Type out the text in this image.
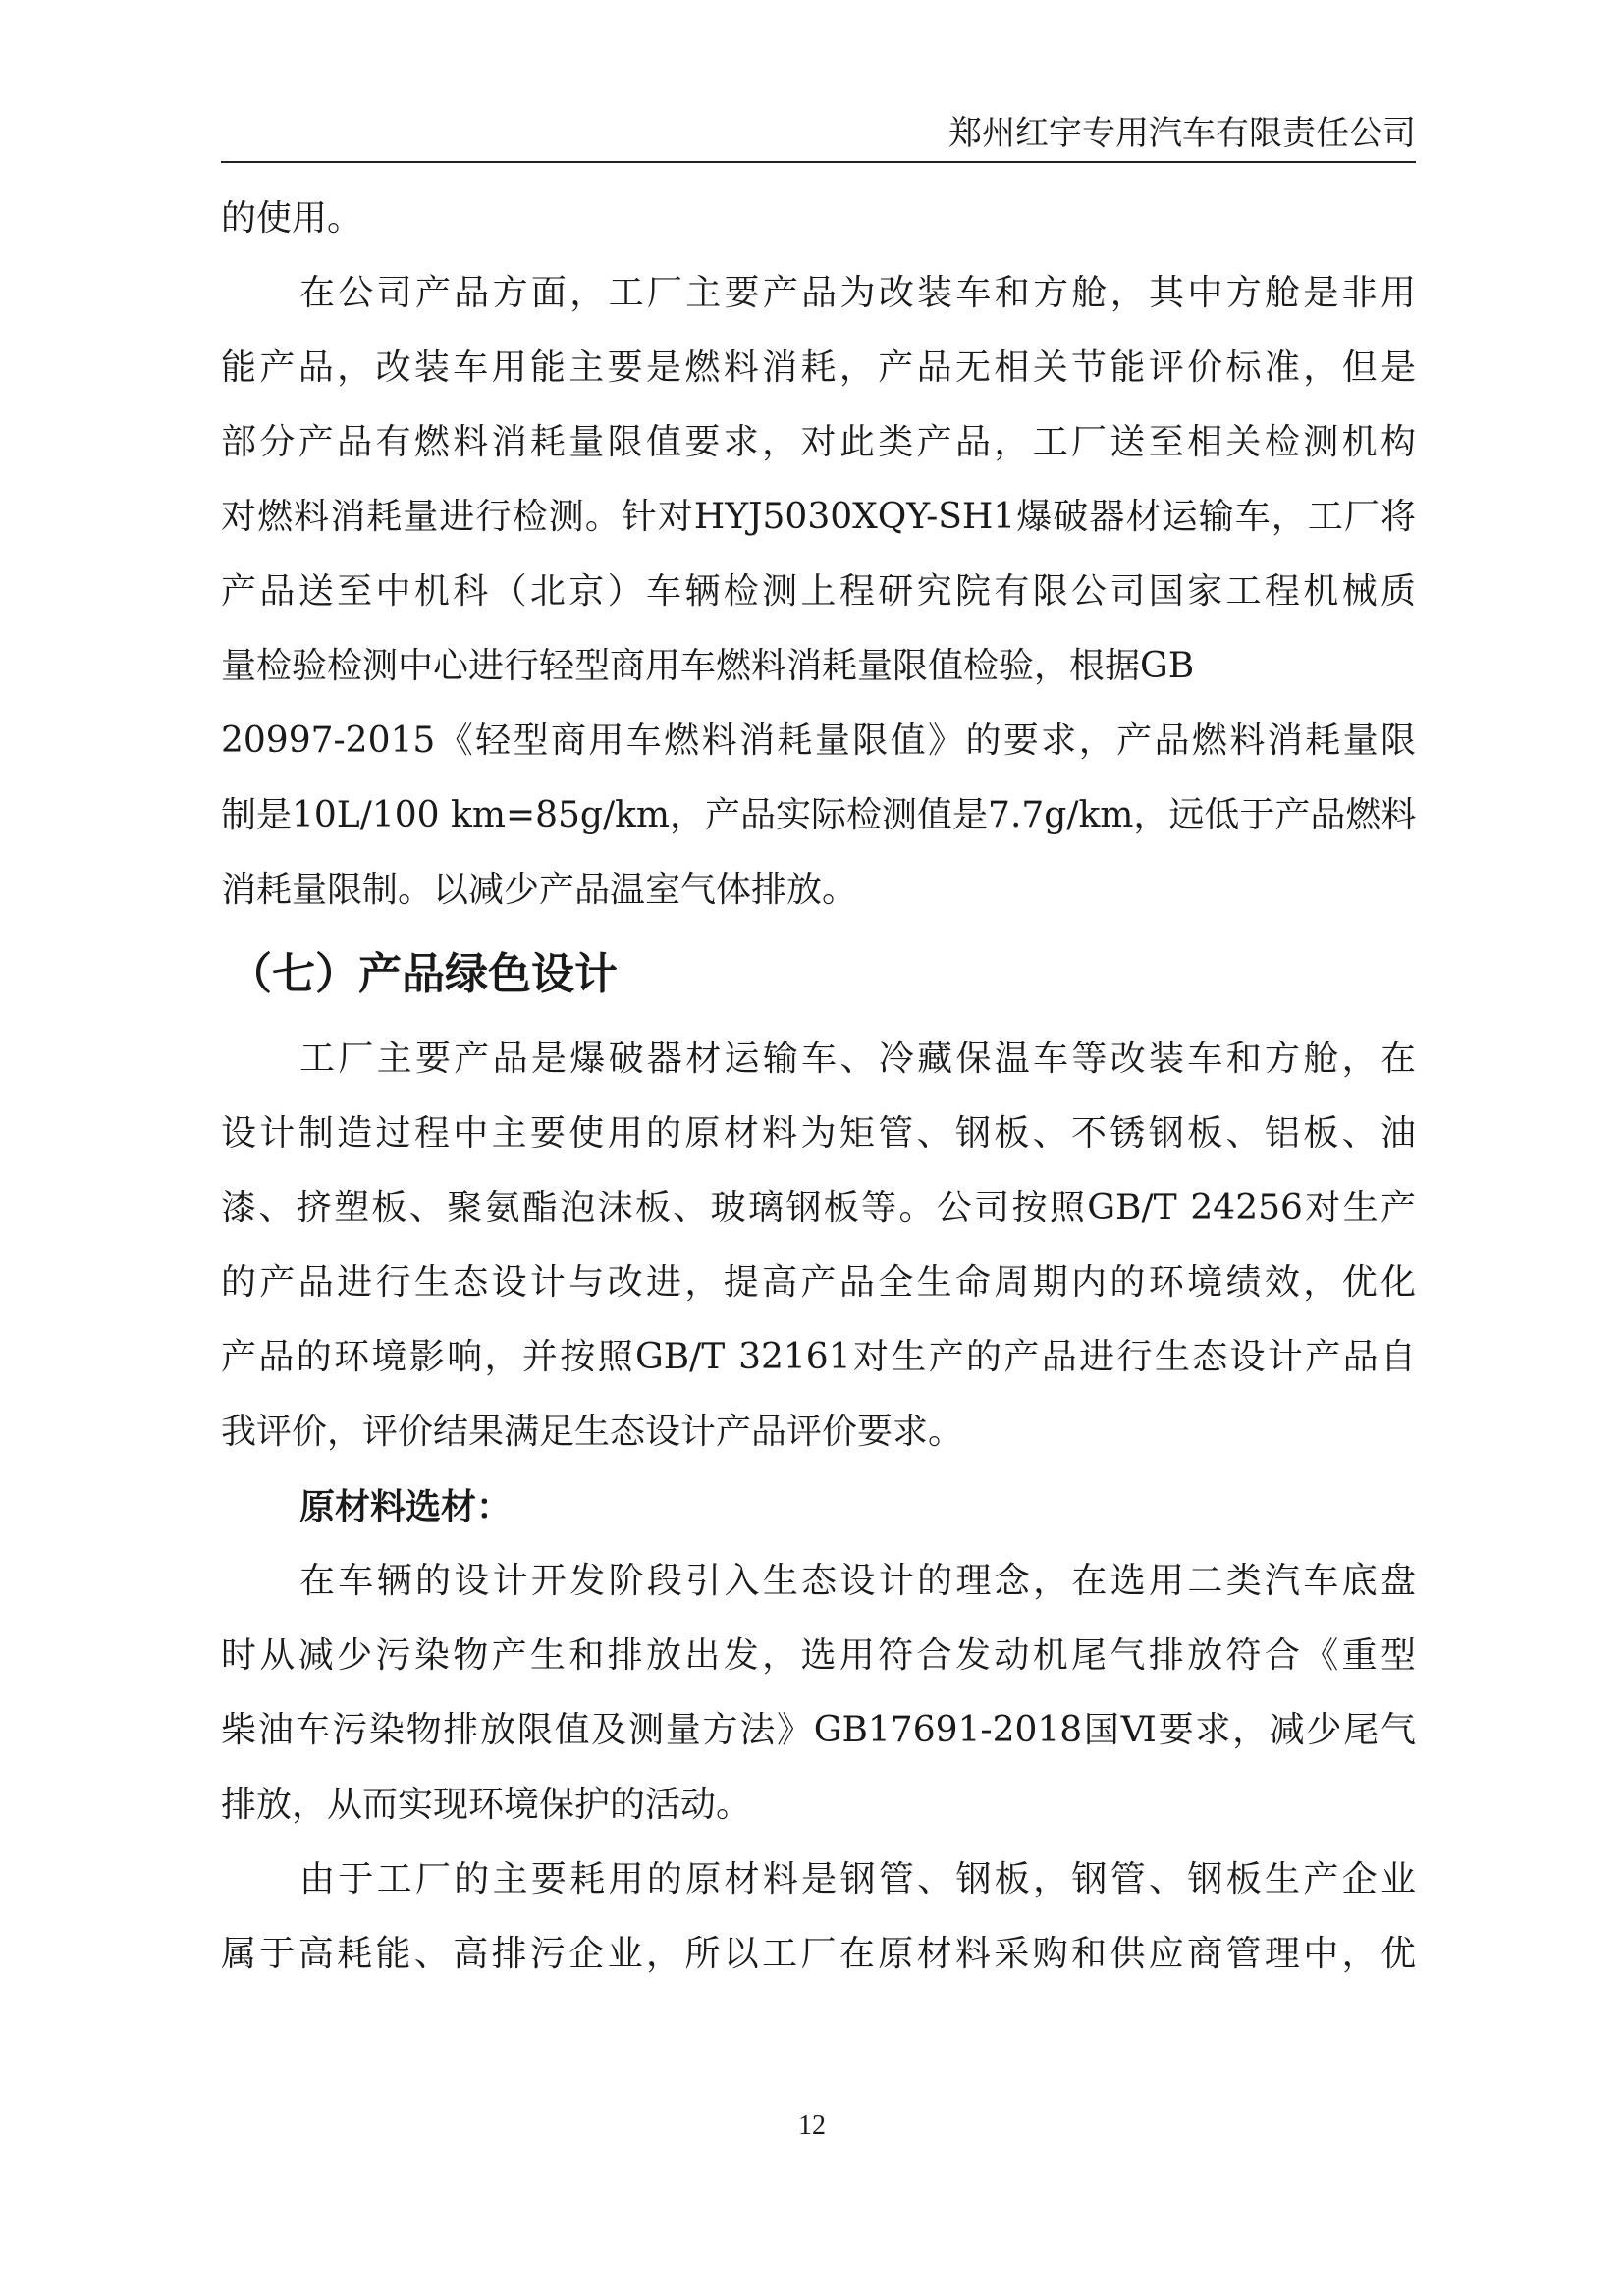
郑州红宇专用汽车有限责任公司
的使用。
在公司产品方面，工厂主要产品为改装车和方舱，其中方舱是非用
能产品，改装车用能主要是燃料消耗，产品无相关节能评价标准，但是
部分产品有燃料消耗量限值要求，对此类产品，工厂送至相关检测机构
对燃料消耗量进行检测。针对HYJ5030XQY-SH1爆破器材运输车，工厂将
产品送至中机科（北京）车辆检测上程研究院有限公司国家工程机械质
量检验检测中心进行轻型商用车燃料消耗量限值检验，根据GB
20997-2015《轻型商用车燃料消耗量限值》的要求，产品燃料消耗量限
制是10L/100 km=85g/km，产品实际检测值是7.7g/km，远低于产品燃料
消耗量限制。以减少产品温室气体排放。
（七）产品绿色设计
工厂主要产品是爆破器材运输车、冷藏保温车等改装车和方舱，在
设计制造过程中主要使用的原材料为矩管、钢板、不锈钢板、铝板、油
漆、挤塑板、聚氨酯泡沫板、玻璃钢板等。公司按照GB/T 24256对生产
的产品进行生态设计与改进，提高产品全生命周期内的环境绩效，优化
产品的环境影响，并按照GB/T 32161对生产的产品进行生态设计产品自
我评价，评价结果满足生态设计产品评价要求。
原材料选材：
在车辆的设计开发阶段引入生态设计的理念，在选用二类汽车底盘
时从减少污染物产生和排放出发，选用符合发动机尾气排放符合《重型
柴油车污染物排放限值及测量方法》GB17691-2018国Ⅵ要求，减少尾气
排放，从而实现环境保护的活动。
由于工厂的主要耗用的原材料是钢管、钢板，钢管、钢板生产企业
属于高耗能、高排污企业，所以工厂在原材料采购和供应商管理中，优
12
